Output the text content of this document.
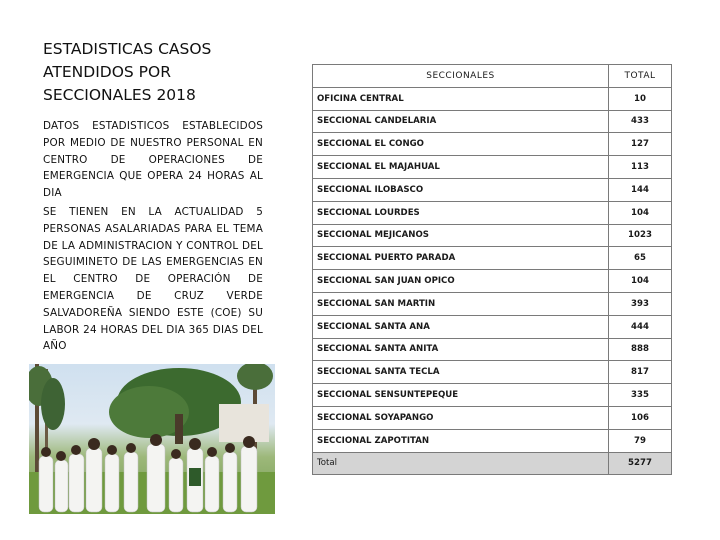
ESTADISTICAS CASOS ATENDIDOS POR SECCIONALES 2018

DATOS ESTADISTICOS ESTABLECIDOS POR MEDIO DE NUESTRO PERSONAL EN CENTRO DE OPERACIONES DE EMERGENCIA QUE OPERA 24 HORAS AL DIA

SE TIENEN EN LA ACTUALIDAD 5 PERSONAS ASALARIADAS PARA EL TEMA DE LA ADMINISTRACION Y CONTROL DEL SEGUIMINETO DE LAS EMERGENCIAS EN EL CENTRO DE OPERACIÓN DE EMERGENCIA DE CRUZ VERDE SALVADOREÑA SIENDO ESTE (COE) SU LABOR 24 HORAS DEL DIA 365 DIAS DEL AÑO

SECCIONALES	TOTAL
OFICINA CENTRAL	10
SECCIONAL CANDELARIA	433
SECCIONAL EL CONGO	127
SECCIONAL EL MAJAHUAL	113
SECCIONAL ILOBASCO	144
SECCIONAL LOURDES	104
SECCIONAL MEJICANOS	1023
SECCIONAL PUERTO PARADA	65
SECCIONAL SAN JUAN OPICO	104
SECCIONAL SAN MARTIN	393
SECCIONAL SANTA ANA	444
SECCIONAL SANTA ANITA	888
SECCIONAL SANTA TECLA	817
SECCIONAL SENSUNTEPEQUE	335
SECCIONAL SOYAPANGO	106
SECCIONAL ZAPOTITAN	79
Total	5277
